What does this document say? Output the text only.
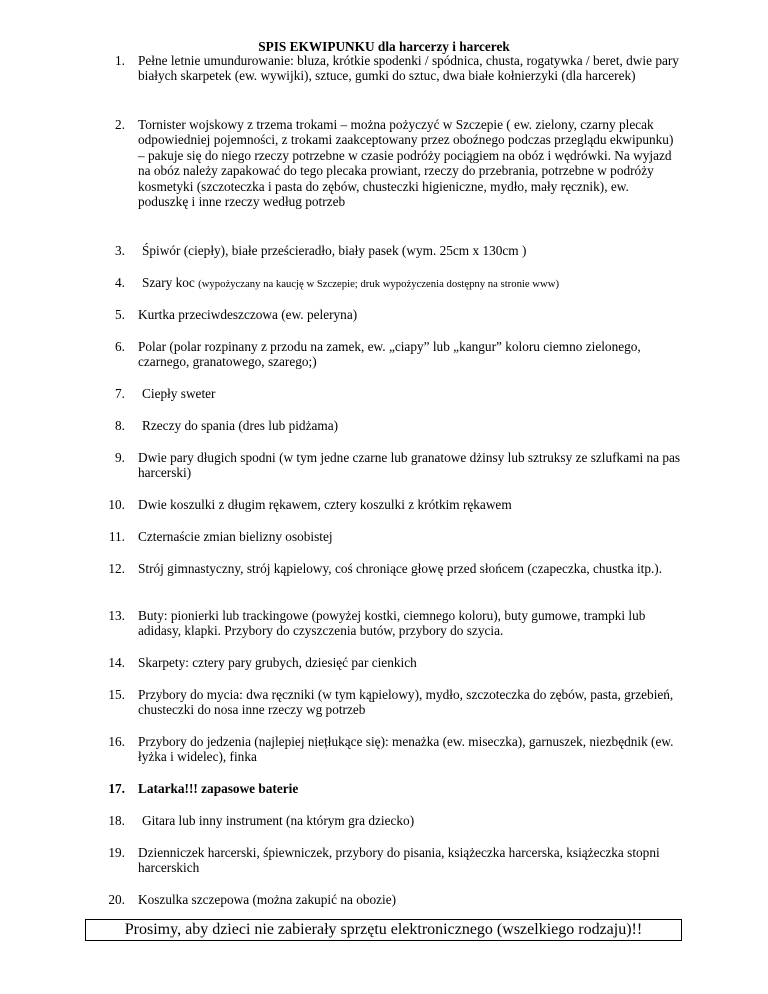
SPIS EKWIPUNKU dla harcerzy i harcerek
1. Pełne letnie umundurowanie: bluza, krótkie spodenki / spódnica, chusta, rogatywka / beret, dwie pary białych skarpetek (ew. wywijki), sztuce, gumki do sztuc, dwa białe kołnierzyki (dla harcerek)
2. Tornister wojskowy z trzema trokami – można pożyczyć w Szczepie ( ew. zielony, czarny plecak odpowiedniej pojemności, z trokami zaakceptowany przez oboźnego podczas przeglądu ekwipunku) – pakuje się do niego rzeczy potrzebne w czasie podróży pociągiem na obóz i wędrówki. Na wyjazd na obóz należy zapakować do tego plecaka prowiant, rzeczy do przebrania, potrzebne w podróży kosmetyki (szczoteczka i pasta do zębów, chusteczki higieniczne, mydło, mały ręcznik), ew. poduszkę i inne rzeczy według potrzeb
3.	Śpiwór (ciepły), białe prześcieradło, biały pasek (wym. 25cm x 130cm )
4.	Szary koc (wypożyczany na kaucję w Szczepie; druk wypożyczenia dostępny na stronie www)
5. Kurtka przeciwdeszczowa (ew. peleryna)
6. Polar (polar rozpinany z przodu na zamek, ew. „ciapy” lub „kangur” koloru ciemno zielonego, czarnego, granatowego, szarego;)
7.	Ciepły sweter
8.	Rzeczy do spania (dres lub pidżama)
9. Dwie pary długich spodni (w tym jedne czarne lub granatowe dżinsy lub sztruksy ze szlufkami na pas harcerski)
10. Dwie koszulki z długim rękawem, cztery koszulki z krótkim rękawem
11. Czternaście zmian bielizny osobistej
12. Strój gimnastyczny, strój kąpielowy, coś chroniące głowę przed słońcem (czapeczka, chustka itp.).
13. Buty: pionierki lub trackingowe (powyżej kostki, ciemnego koloru), buty gumowe, trampki lub adidasy, klapki. Przybory do czyszczenia butów, przybory do szycia.
14. Skarpety: cztery pary grubych, dziesięć par cienkich
15. Przybory do mycia: dwa ręczniki (w tym kąpielowy), mydło, szczoteczka do zębów, pasta, grzebień, chusteczki do nosa inne rzeczy wg potrzeb
16. Przybory do jedzenia (najlepiej niețłukące się): menażka (ew. miseczka), garnuszek, niezbędnik (ew. łyżka i widelec), finka
17. Latarka!!! zapasowe baterie
18.	Gitara lub inny instrument (na którym gra dziecko)
19. Dzienniczek harcerski, śpiewniczek, przybory do pisania, książeczka harcerska, książeczka stopni harcerskich
20. Koszulka szczepowa (można zakupić na obozie)
Prosimy, aby dzieci nie zabierały sprzętu elektronicznego (wszelkiego rodzaju)!!
